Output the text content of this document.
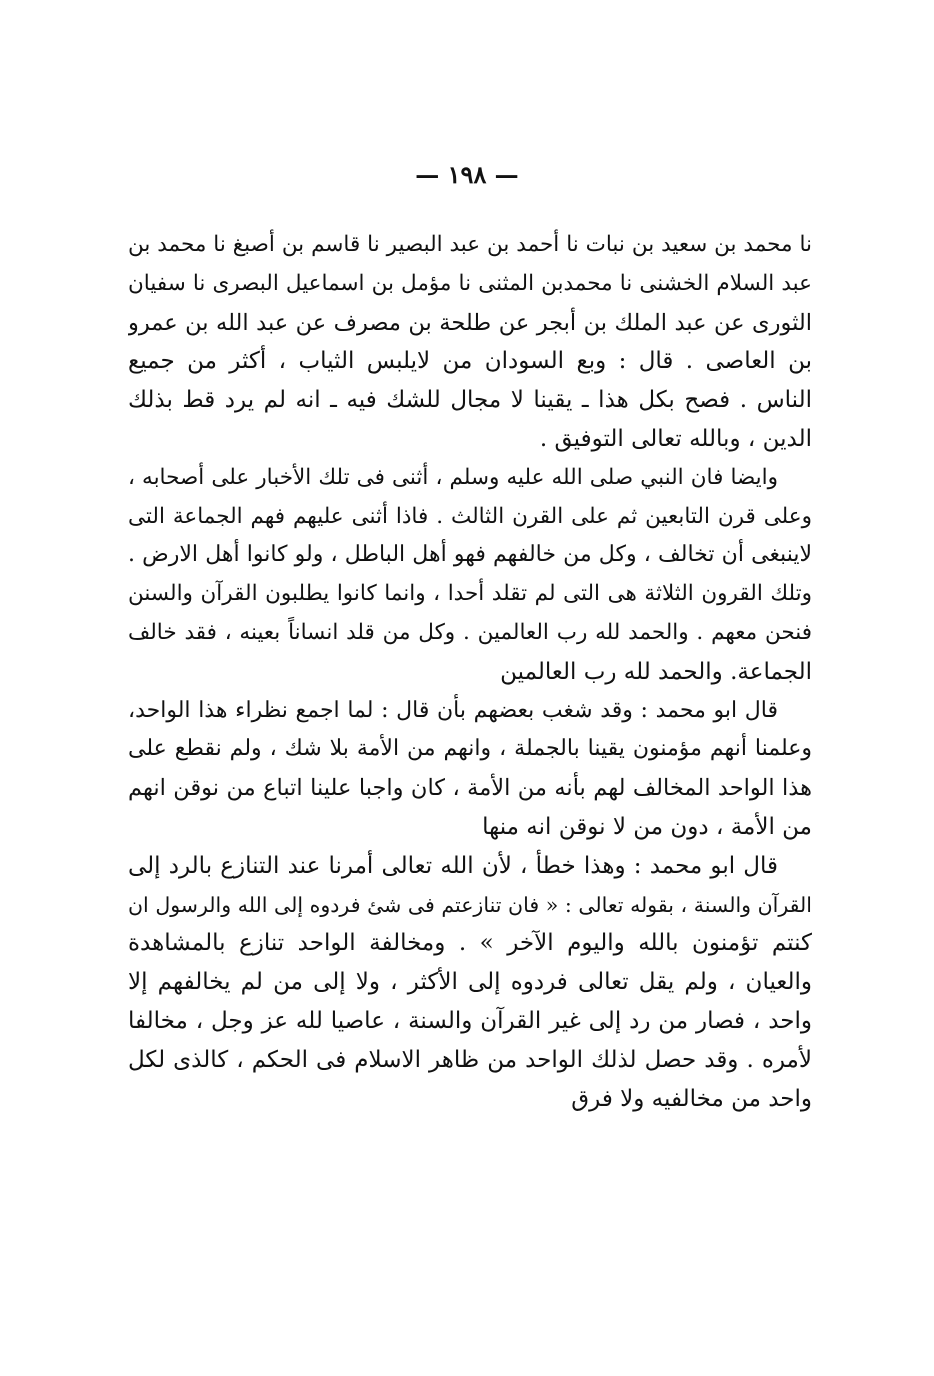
— ١٩٨ —
نا محمد بن سعيد بن نبات نا أحمد بن عبد البصير نا قاسم بن أصبغ نا محمد بن
عبد السلام الخشنى نا محمدبن المثنى نا مؤمل بن اسماعيل البصرى نا سفيان
الثورى عن عبد الملك بن أبجر عن طلحة بن مصرف عن عبد الله بن عمرو
بن العاصى . قال : وبع السودان من لايلبس الثياب ، أكثر من جميع
الناس . فصح بكل هذا ـ يقينا لا مجال للشك فيه ـ انه لم يرد قط بذلك
الدين ، وبالله تعالى التوفيق .
وايضا فان النبي صلى الله عليه وسلم ، أثنى فى تلك الأخبار على أصحابه ،
وعلى قرن التابعين ثم على القرن الثالث . فاذا أثنى عليهم فهم الجماعة التى
لاينبغى أن تخالف ، وكل من خالفهم فهو أهل الباطل ، ولو كانوا أهل الارض .
وتلك القرون الثلاثة هى التى لم تقلد أحدا ، وانما كانوا يطلبون القرآن والسنن
فنحن معهم . والحمد لله رب العالمين . وكل من قلد انساناً بعينه ، فقد خالف
الجماعة. والحمد لله رب العالمين
قال ابو محمد : وقد شغب بعضهم بأن قال : لما اجمع نظراء هذا الواحد،
وعلمنا أنهم مؤمنون يقينا بالجملة ، وانهم من الأمة بلا شك ، ولم نقطع على
هذا الواحد المخالف لهم بأنه من الأمة ، كان واجبا علينا اتباع من نوقن انهم
من الأمة ، دون من لا نوقن انه منها
قال ابو محمد : وهذا خطأ ، لأن الله تعالى أمرنا عند التنازع بالرد إلى
القرآن والسنة ، بقوله تعالى : « فان تنازعتم فى شئ فردوه إلى الله والرسول ان
كنتم تؤمنون بالله واليوم الآخر » . ومخالفة الواحد تنازع بالمشاهدة
والعيان ، ولم يقل تعالى فردوه إلى الأكثر ، ولا إلى من لم يخالفهم إلا
واحد ، فصار من رد إلى غير القرآن والسنة ، عاصيا لله عز وجل ، مخالفا
لأمره . وقد حصل لذلك الواحد من ظاهر الاسلام فى الحكم ، كالذى لكل
واحد من مخالفيه ولا فرق
